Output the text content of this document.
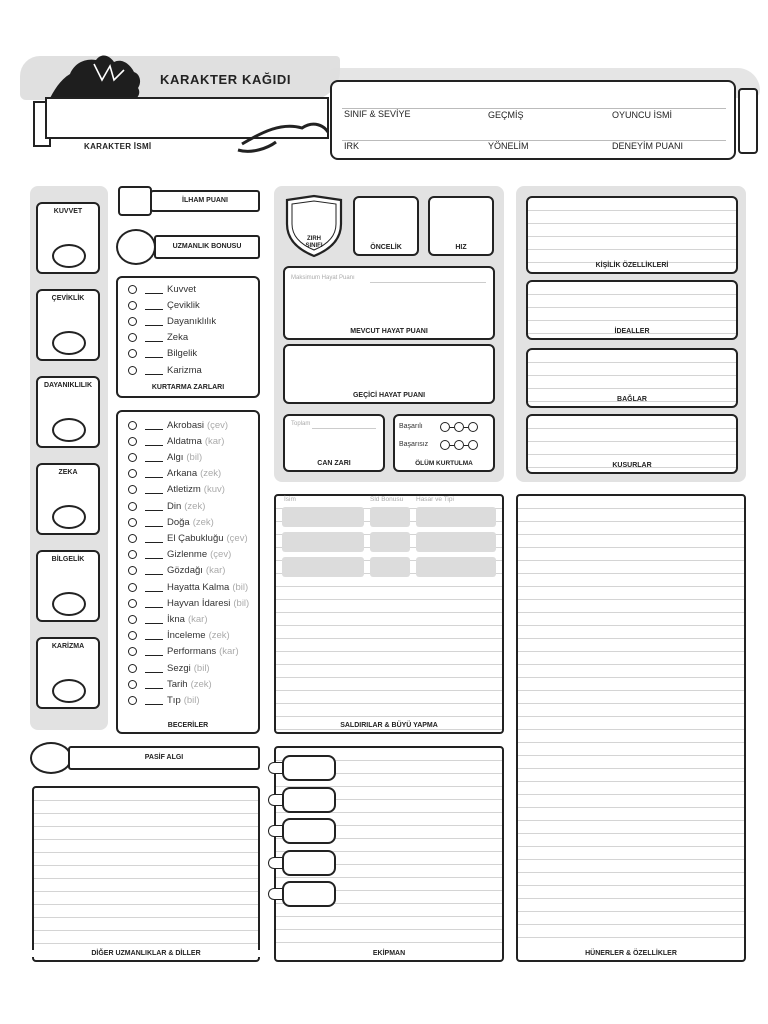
KARAKTER KAĞIDI
KARAKTER İSMİ
SINIF & SEVİYE	GEÇMİŞ	OYUNCU İSMİ
IRK	YÖNELİM	DENEYİM PUANI
KUVVET
ÇEVİKLİK
DAYANIKLILIK
ZEKA
BİLGELİK
KARİZMA
İLHAM PUANI
UZMANLIK BONUSU
Kuvvet
Çeviklik
Dayanıklılık
Zeka
Bilgelik
Karizma
KURTARMA ZARLARI
Akrobasi (çev)
Aldatma (kar)
Algı (bil)
Arkana (zek)
Atletizm (kuv)
Din (zek)
Doğa (zek)
El Çabukluğu (çev)
Gizlenme (çev)
Gözdağı (kar)
Hayatta Kalma (bil)
Hayvan İdaresi (bil)
İkna (kar)
İnceleme (zek)
Performans (kar)
Sezgi (bil)
Tarih (zek)
Tıp (bil)
BECERİLER
PASİF ALGI
DİĞER UZMANLIKLAR & DİLLER
ZIRH
SINIFI	ÖNCELİK	HIZ
Maksimum Hayat Puanı
MEVCUT HAYAT PUANI
GEÇİCİ HAYAT PUANI
Toplam
CAN ZARI
Başarılı
Başarısız
ÖLÜM KURTULMA
İsim	Sld Bonusu Hasar ve Tipi
SALDIRILAR & BÜYÜ YAPMA
EKİPMAN
KİŞİLİK ÖZELLİKLERİ
İDEALLER
BAĞLAR
KUSURLAR
HÜNERLER & ÖZELLİKLER
